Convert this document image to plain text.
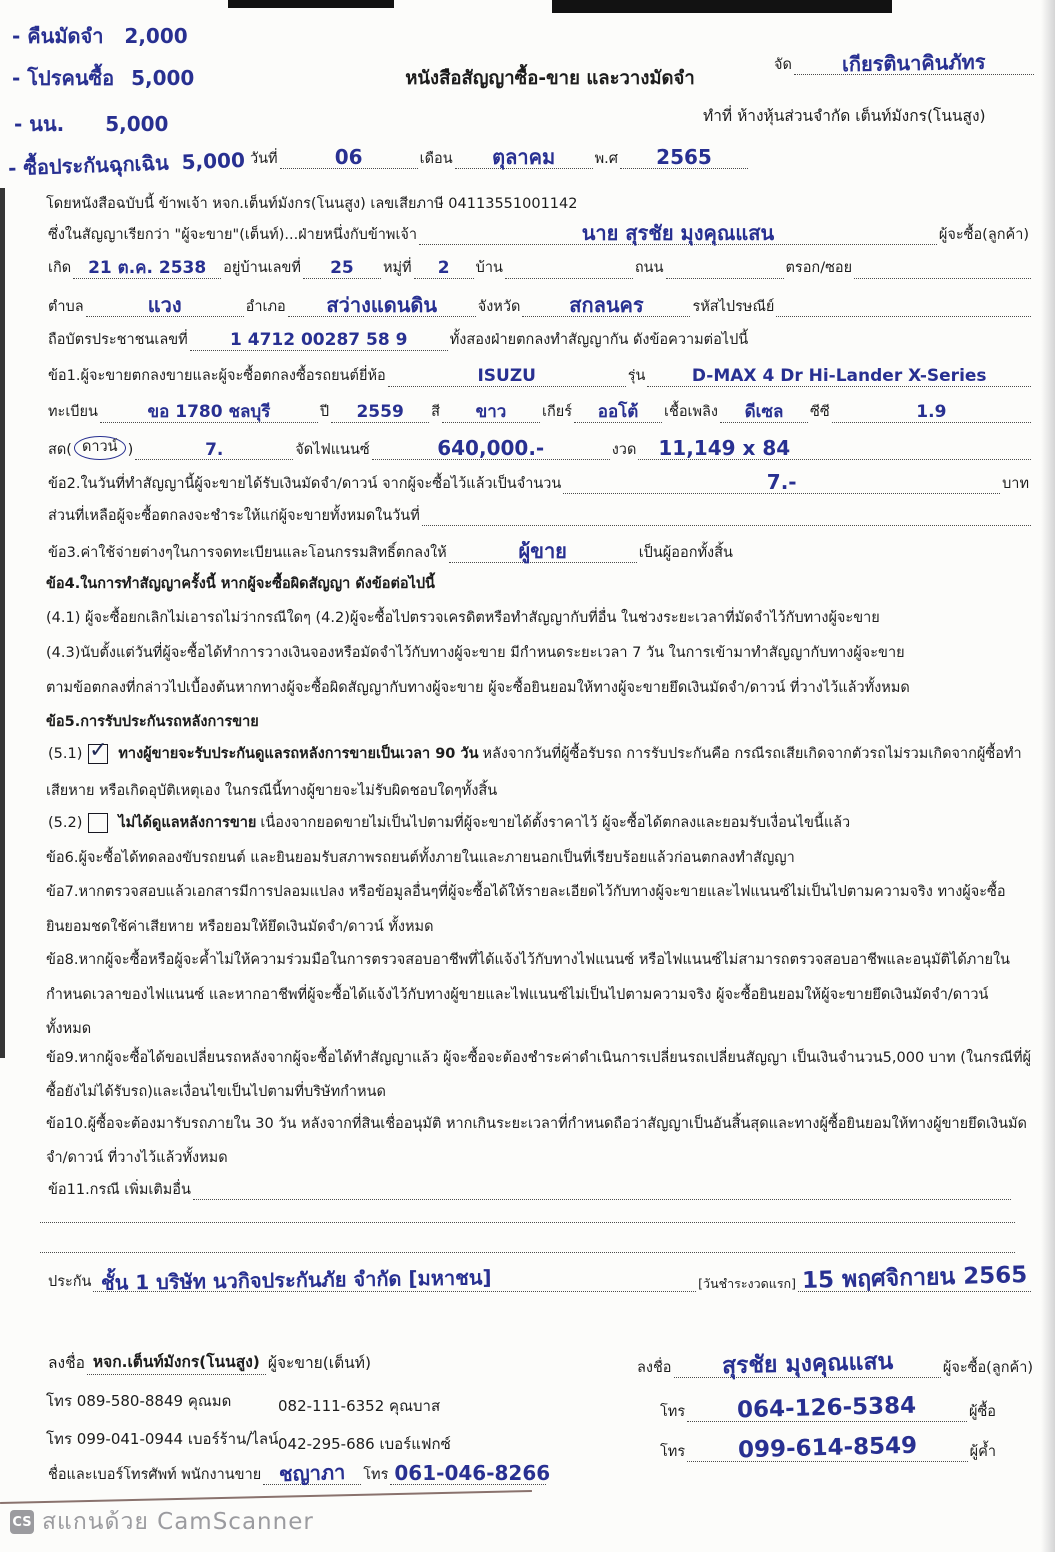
- คืนมัดจำ 2,000
- โปรคนซื้อ 5,000
- นน. 5,000
- ซื้อประกันฉุกเฉิน 5,000
หนังสือสัญญาซื้อ-ขาย และวางมัดจำ
จัด	เกียรตินาคินภัทร
ทำที่ ห้างหุ้นส่วนจำกัด เต็นท์มังกร(โนนสูง)
วันที่	06	เดือน	ตุลาคม	พ.ศ	2565
โดยหนังสือฉบับนี้ ข้าพเจ้า หจก.เต็นท์มังกร(โนนสูง) เลขเสียภาษี 04113551001142
ซึ่งในสัญญาเรียกว่า "ผู้จะขาย"(เต็นท์)...ฝ่ายหนึ่งกับข้าพเจ้า	นาย สุรชัย มุงคุณแสน	ผู้จะซื้อ(ลูกค้า)
เกิด 21 ต.ค. 2538	อยู่บ้านเลขที่	25	หมู่ที่	2	บ้าน	ถนน	ตรอก/ซอย
ตำบล	แวง	อำเภอ	สว่างแดนดิน	จังหวัด	สกลนคร	รหัสไปรษณีย์
ถือบัตรประชาชนเลขที่	1 4712 00287 58 9	ทั้งสองฝ่ายตกลงทำสัญญากัน ดังข้อความต่อไปนี้
ข้อ1.ผู้จะขายตกลงขายและผู้จะซื้อตกลงซื้อรถยนต์ยี่ห้อ	ISUZU	รุ่น	D-MAX 4 Dr Hi-Lander X-Series
ทะเบียน	ขอ 1780 ชลบุรี	ปี	2559	สี	ขาว	เกียร์	ออโต้	เชื้อเพลิง	ดีเซล	ซีซี	1.9
สด( ดาวน์ )	7.	จัดไฟแนนซ์	640,000.-	งวด	11,149 x 84
ข้อ2.ในวันที่ทำสัญญานี้ผู้จะขายได้รับเงินมัดจำ/ดาวน์ จากผู้จะซื้อไว้แล้วเป็นจำนวน	7.-	บาท
ส่วนที่เหลือผู้จะซื้อตกลงจะชำระให้แก่ผู้จะขายทั้งหมดในวันที่
ข้อ3.ค่าใช้จ่ายต่างๆในการจดทะเบียนและโอนกรรมสิทธิ์ตกลงให้	ผู้ขาย	เป็นผู้ออกทั้งสิ้น
ข้อ4.ในการทำสัญญาครั้งนี้ หากผู้จะซื้อผิดสัญญา ดังข้อต่อไปนี้
(4.1) ผู้จะซื้อยกเลิกไม่เอารถไม่ว่ากรณีใดๆ (4.2)ผู้จะซื้อไปตรวจเครดิตหรือทำสัญญากับที่อื่น ในช่วงระยะเวลาที่มัดจำไว้กับทางผู้จะขาย
(4.3)นับตั้งแต่วันที่ผู้จะซื้อได้ทำการวางเงินจองหรือมัดจำไว้กับทางผู้จะขาย มีกำหนดระยะเวลา 7 วัน ในการเข้ามาทำสัญญากับทางผู้จะขาย
ตามข้อตกลงที่กล่าวไปเบื้องต้นหากทางผู้จะซื้อผิดสัญญากับทางผู้จะขาย ผู้จะซื้อยินยอมให้ทางผู้จะขายยึดเงินมัดจำ/ดาวน์ ที่วางไว้แล้วทั้งหมด
ข้อ5.การรับประกันรถหลังการขาย
(5.1) ✓ ทางผู้ขายจะรับประกันดูแลรถหลังการขายเป็นเวลา 90 วัน หลังจากวันที่ผู้ซื้อรับรถ การรับประกันคือ กรณีรถเสียเกิดจากตัวรถไม่รวมเกิดจากผู้ซื้อทำ
เสียหาย หรือเกิดอุบัติเหตุเอง ในกรณีนี้ทางผู้ขายจะไม่รับผิดชอบใดๆทั้งสิ้น
(5.2) ไม่ได้ดูแลหลังการขาย เนื่องจากยอดขายไม่เป็นไปตามที่ผู้จะขายได้ตั้งราคาไว้ ผู้จะซื้อได้ตกลงและยอมรับเงื่อนไขนี้แล้ว
ข้อ6.ผู้จะซื้อได้ทดลองขับรถยนต์ และยินยอมรับสภาพรถยนต์ทั้งภายในและภายนอกเป็นที่เรียบร้อยแล้วก่อนตกลงทำสัญญา
ข้อ7.หากตรวจสอบแล้วเอกสารมีการปลอมแปลง หรือข้อมูลอื่นๆที่ผู้จะซื้อได้ให้รายละเอียดไว้กับทางผู้จะขายและไฟแนนซ์ไม่เป็นไปตามความจริง ทางผู้จะซื้อ
ยินยอมชดใช้ค่าเสียหาย หรือยอมให้ยึดเงินมัดจำ/ดาวน์ ทั้งหมด
ข้อ8.หากผู้จะซื้อหรือผู้จะค้ำไม่ให้ความร่วมมือในการตรวจสอบอาชีพที่ได้แจ้งไว้กับทางไฟแนนซ์ หรือไฟแนนซ์ไม่สามารถตรวจสอบอาชีพและอนุมัติได้ภายใน
กำหนดเวลาของไฟแนนซ์ และหากอาชีพที่ผู้จะซื้อได้แจ้งไว้กับทางผู้ขายและไฟแนนซ์ไม่เป็นไปตามความจริง ผู้จะซื้อยินยอมให้ผู้จะขายยึดเงินมัดจำ/ดาวน์
ทั้งหมด
ข้อ9.หากผู้จะซื้อได้ขอเปลี่ยนรถหลังจากผู้จะซื้อได้ทำสัญญาแล้ว ผู้จะซื้อจะต้องชำระค่าดำเนินการเปลี่ยนรถเปลี่ยนสัญญา เป็นเงินจำนวน5,000 บาท (ในกรณีที่ผู้
ซื้อยังไม่ได้รับรถ)และเงื่อนไขเป็นไปตามที่บริษัทกำหนด
ข้อ10.ผู้ซื้อจะต้องมารับรถภายใน 30 วัน หลังจากที่สินเชื่ออนุมัติ หากเกินระยะเวลาที่กำหนดถือว่าสัญญาเป็นอันสิ้นสุดและทางผู้ซื้อยินยอมให้ทางผู้ขายยึดเงินมัด
จำ/ดาวน์ ที่วางไว้แล้วทั้งหมด
ข้อ11.กรณี เพิ่มเติมอื่น
ประกัน ชั้น 1 บริษัท นวกิจประกันภัย จำกัด [มหาชน]	[วันชำระงวดแรก] 15 พฤศจิกายน 2565
ลงชื่อ หจก.เต็นท์มังกร(โนนสูง) ผู้จะขาย(เต็นท์)
โทร 089-580-8849 คุณมด	082-111-6352 คุณบาส
โทร 099-041-0944 เบอร์ร้าน/ไลน์ 042-295-686 เบอร์แฟกซ์
ชื่อและเบอร์โทรศัพท์ พนักงานขาย ชญาภา	โทร 061-046-8266
ลงชื่อ	สุรชัย มุงคุณแสน	ผู้จะซื้อ(ลูกค้า)
โทร	064-126-5384	ผู้ซื้อ
โทร	099-614-8549	ผู้ค้ำ
CS สแกนด้วย CamScanner
